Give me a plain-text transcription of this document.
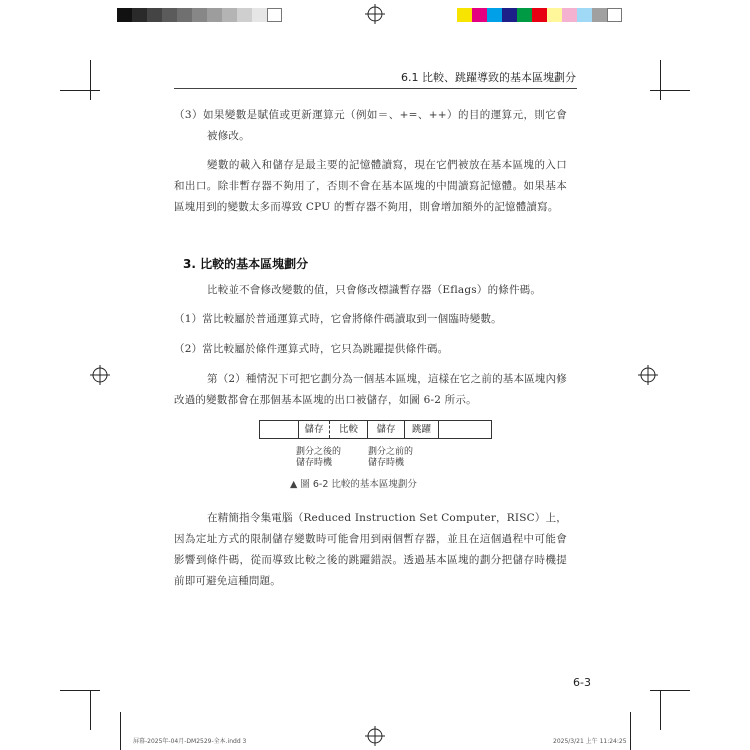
6.1 比較、跳躍導致的基本區塊劃分
（3）如果變數是賦值或更新運算元（例如＝、+=、++）的目的運算元，則它會被修改。
變數的載入和儲存是最主要的記憶體讀寫，現在它們被放在基本區塊的入口和出口。除非暫存器不夠用了，否則不會在基本區塊的中間讀寫記憶體。如果基本區塊用到的變數太多而導致 CPU 的暫存器不夠用，則會增加額外的記憶體讀寫。
3. 比較的基本區塊劃分
比較並不會修改變數的值，只會修改標識暫存器（Eflags）的條件碼。
（1）當比較屬於普通運算式時，它會將條件碼讀取到一個臨時變數。
（2）當比較屬於條件運算式時，它只為跳躍提供條件碼。
第（2）種情況下可把它劃分為一個基本區塊，這樣在它之前的基本區塊內修改過的變數都會在那個基本區塊的出口被儲存，如圖 6-2 所示。
儲存	比較	儲存	跳躍
劃分之後的
儲存時機
劃分之前的
儲存時機
▲ 圖 6-2 比較的基本區塊劃分
在精簡指令集電腦（Reduced Instruction Set Computer，RISC）上，因為定址方式的限制儲存變數時可能會用到兩個暫存器，並且在這個過程中可能會影響到條件碼，從而導致比較之後的跳躍錯誤。透過基本區塊的劃分把儲存時機提前即可避免這種問題。
6-3
屏幕-2025年-04月-DM2529-全本.indd 3	2025/3/21 上午 11:24:25
